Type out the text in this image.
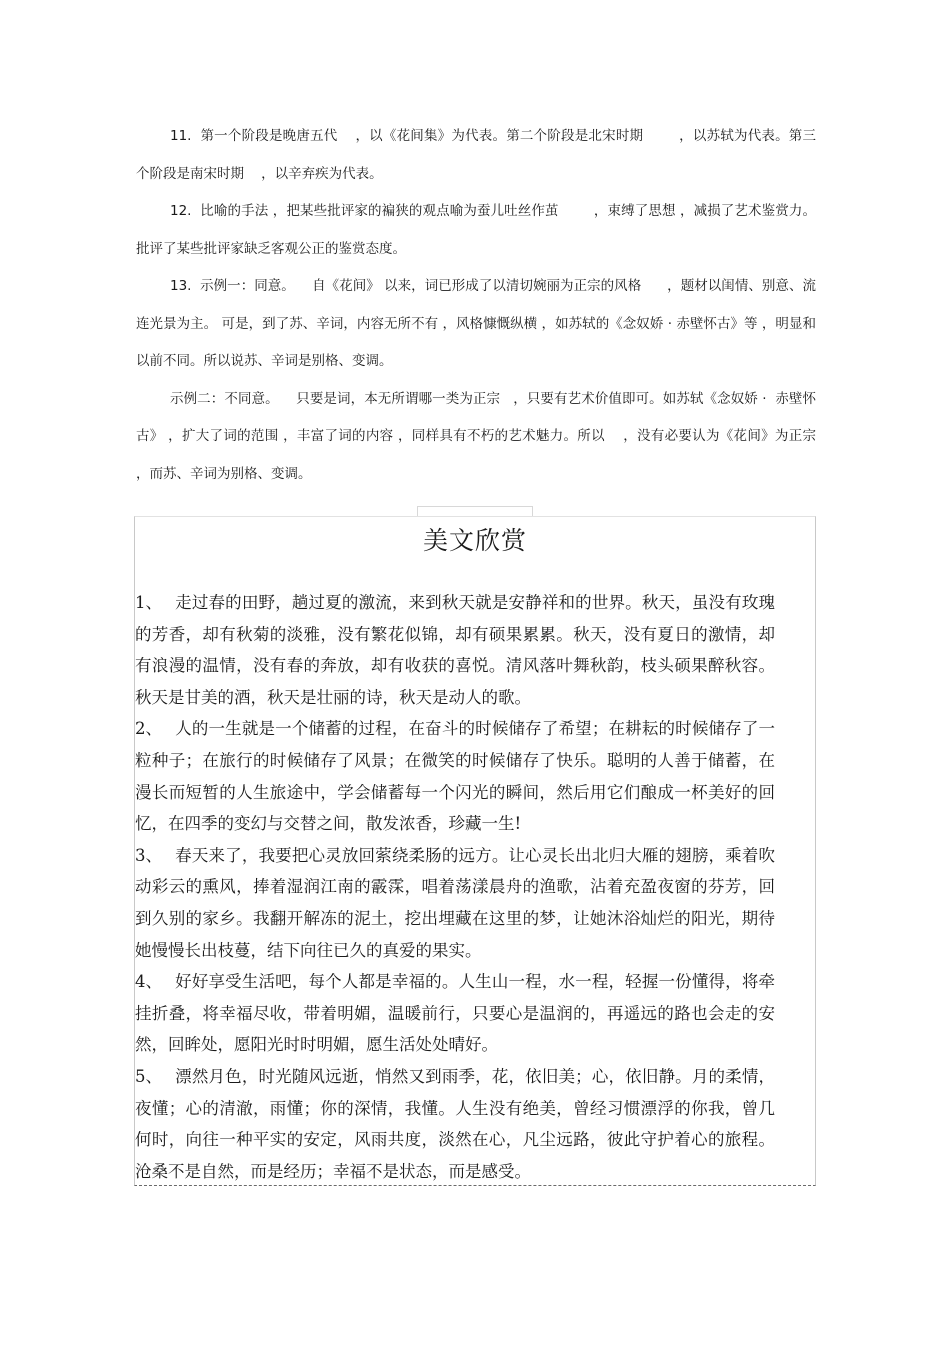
11.  第一个阶段是晚唐五代    ，以《花间集》为代表。第二个阶段是北宋时期        ，以苏轼为代表。第三个阶段是南宋时期    ，以辛弃疾为代表。

12.  比喻的手法 ，把某些批评家的褊狭的观点喻为蚕儿吐丝作茧        ，束缚了思想 ，减损了艺术鉴赏力。批评了某些批评家缺乏客观公正的鉴赏态度。

13.  示例一：同意。    自《花间》 以来，词已形成了以清切婉丽为正宗的风格      ，题材以闺情、别意、流连光景为主。 可是，到了苏、辛词，内容无所不有 ，风格慷慨纵横 ，如苏轼的《念奴娇 · 赤壁怀古》等 ，明显和以前不同。所以说苏、辛词是别格、变调。

示例二：不同意。    只要是词，本无所谓哪一类为正宗   ，只要有艺术价值即可。如苏轼《念奴娇 ·  赤壁怀古》 ，扩大了词的范围 ，丰富了词的内容 ，同样具有不朽的艺术魅力。所以    ，没有必要认为《花间》为正宗   ，而苏、辛词为别格、变调。

美文欣赏

1、 走过春的田野，趟过夏的激流，来到秋天就是安静祥和的世界。秋天，虽没有玫瑰的芳香，却有秋菊的淡雅，没有繁花似锦，却有硕果累累。秋天，没有夏日的激情，却有浪漫的温情，没有春的奔放，却有收获的喜悦。清风落叶舞秋韵，枝头硕果醉秋容。秋天是甘美的酒，秋天是壮丽的诗，秋天是动人的歌。

2、 人的一生就是一个储蓄的过程，在奋斗的时候储存了希望；在耕耘的时候储存了一粒种子；在旅行的时候储存了风景；在微笑的时候储存了快乐。聪明的人善于储蓄，在漫长而短暂的人生旅途中，学会储蓄每一个闪光的瞬间，然后用它们酿成一杯美好的回忆，在四季的变幻与交替之间，散发浓香，珍藏一生!

3、 春天来了，我要把心灵放回萦绕柔肠的远方。让心灵长出北归大雁的翅膀，乘着吹动彩云的熏风，捧着湿润江南的霰霂，唱着荡漾晨舟的渔歌，沾着充盈夜窗的芬芳，回到久别的家乡。我翻开解冻的泥土，挖出埋藏在这里的梦，让她沐浴灿烂的阳光，期待她慢慢长出枝蔓，结下向往已久的真爱的果实。

4、 好好享受生活吧，每个人都是幸福的。人生山一程，水一程，轻握一份懂得，将牵挂折叠，将幸福尽收，带着明媚，温暖前行，只要心是温润的，再遥远的路也会走的安然，回眸处，愿阳光时时明媚，愿生活处处晴好。

5、 漂然月色，时光随风远逝，悄然又到雨季，花，依旧美；心，依旧静。月的柔情，夜懂；心的清澈，雨懂；你的深情，我懂。人生没有绝美，曾经习惯漂浮的你我，曾几何时，向往一种平实的安定，风雨共度，淡然在心，凡尘远路，彼此守护着心的旅程。沧桑不是自然，而是经历；幸福不是状态，而是感受。
